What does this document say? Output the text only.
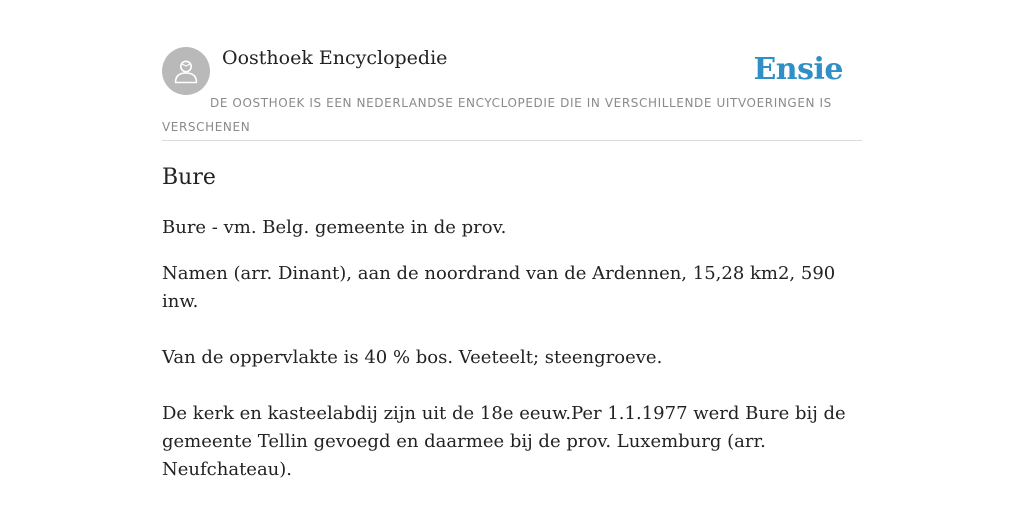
Oosthoek Encyclopedie	Ensie
DE OOSTHOEK IS EEN NEDERLANDSE ENCYCLOPEDIE DIE IN VERSCHILLENDE UITVOERINGEN IS VERSCHENEN
Bure

Bure - vm. Belg. gemeente in de prov.

Namen (arr. Dinant), aan de noordrand van de Ardennen, 15,28 km2, 590 inw.

Van de oppervlakte is 40 % bos. Veeteelt; steengroeve.

De kerk en kasteelabdij zijn uit de 18e eeuw.Per 1.1.1977 werd Bure bij de gemeente Tellin gevoegd en daarmee bij de prov. Luxemburg (arr. Neufchateau).
